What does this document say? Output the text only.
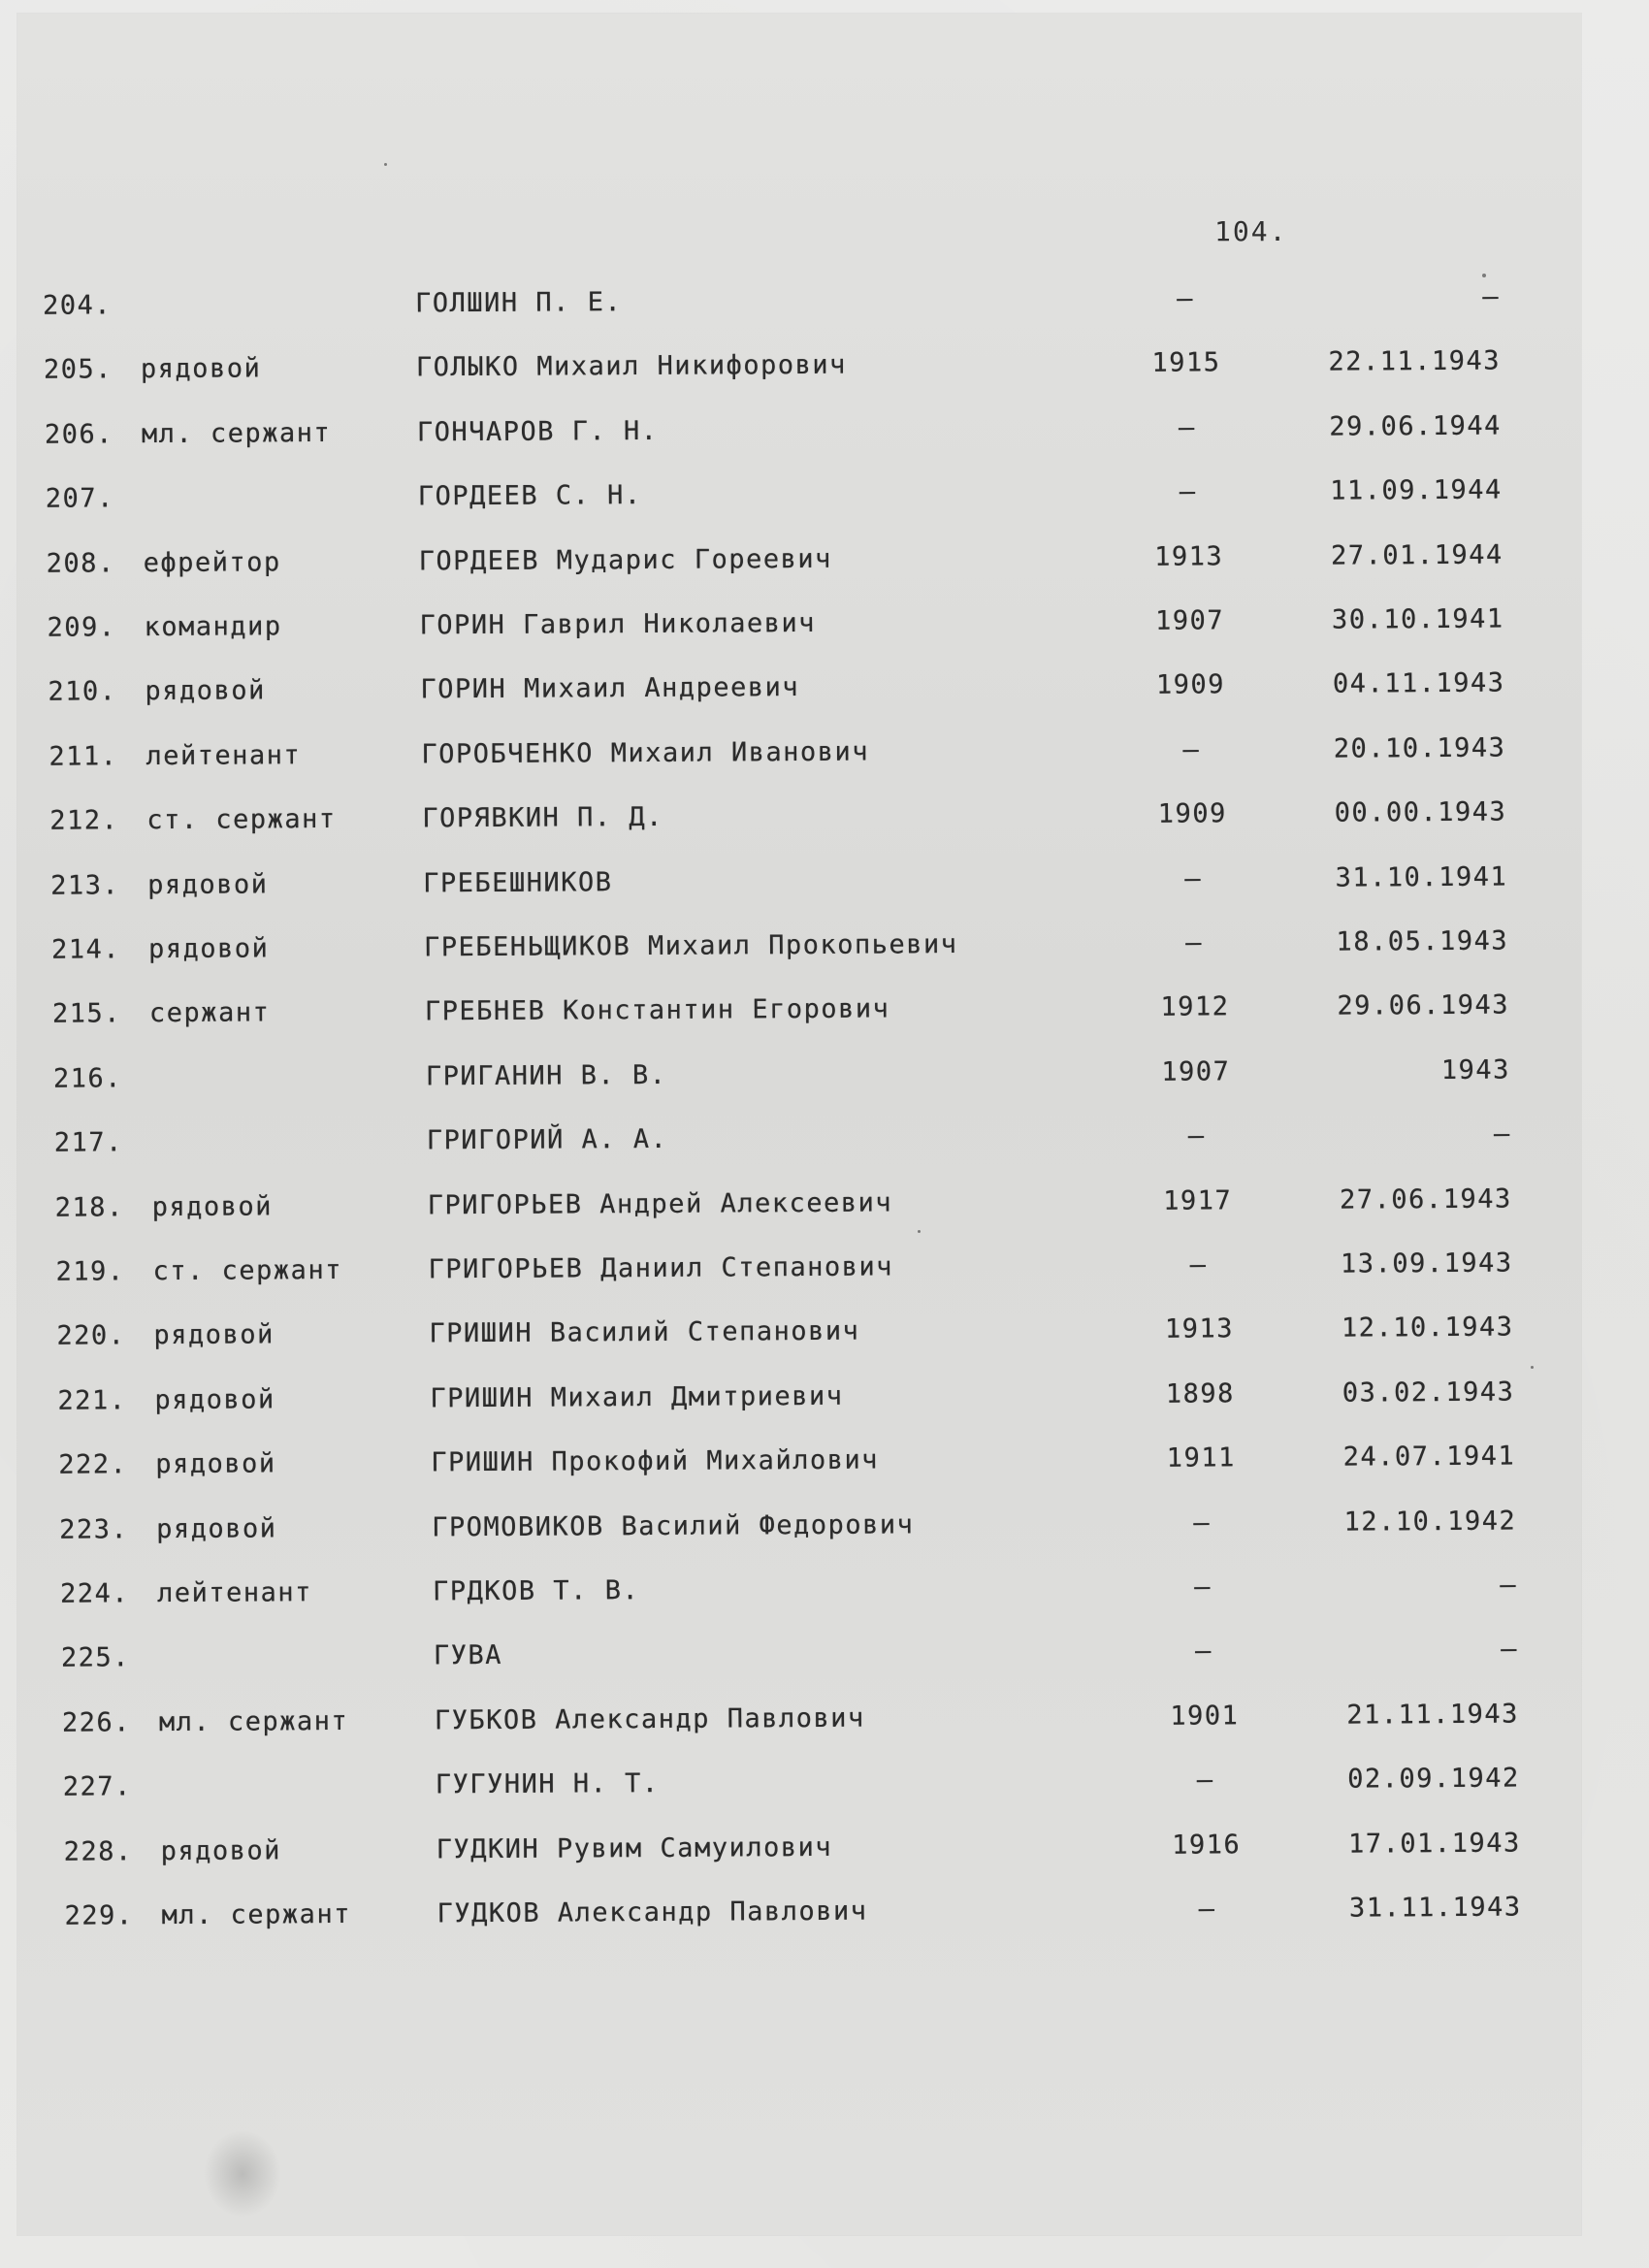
104.
204.	ГОЛШИН П. Е.	–	–
205. рядовой	ГОЛЫКО Михаил Никифорович	1915	22.11.1943
206. мл. сержант	ГОНЧАРОВ Г. Н.	–	29.06.1944
207.	ГОРДЕЕВ С. Н.	–	11.09.1944
208. ефрейтор	ГОРДЕЕВ Мударис Гореевич	1913	27.01.1944
209. командир	ГОРИН Гаврил Николаевич	1907	30.10.1941
210. рядовой	ГОРИН Михаил Андреевич	1909	04.11.1943
211. лейтенант	ГОРОБЧЕНКО Михаил Иванович	–	20.10.1943
212. ст. сержант	ГОРЯВКИН П. Д.	1909	00.00.1943
213. рядовой	ГРЕБЕШНИКОВ	–	31.10.1941
214. рядовой	ГРЕБЕНЬЩИКОВ Михаил Прокопьевич	–	18.05.1943
215. сержант	ГРЕБНЕВ Константин Егорович	1912	29.06.1943
216.	ГРИГАНИН В. В.	1907	1943
217.	ГРИГОРИЙ А. А.	–	–
218. рядовой	ГРИГОРЬЕВ Андрей Алексеевич	1917	27.06.1943
219. ст. сержант	ГРИГОРЬЕВ Даниил Степанович	–	13.09.1943
220. рядовой	ГРИШИН Василий Степанович	1913	12.10.1943
221. рядовой	ГРИШИН Михаил Дмитриевич	1898	03.02.1943
222. рядовой	ГРИШИН Прокофий Михайлович	1911	24.07.1941
223. рядовой	ГРОМОВИКОВ Василий Федорович	–	12.10.1942
224. лейтенант	ГРДКОВ Т. В.	–	–
225.	ГУВА	–	–
226. мл. сержант	ГУБКОВ Александр Павлович	1901	21.11.1943
227.	ГУГУНИН Н. Т.	–	02.09.1942
228. рядовой	ГУДКИН Рувим Самуилович	1916	17.01.1943
229. мл. сержант	ГУДКОВ Александр Павлович	–	31.11.1943
